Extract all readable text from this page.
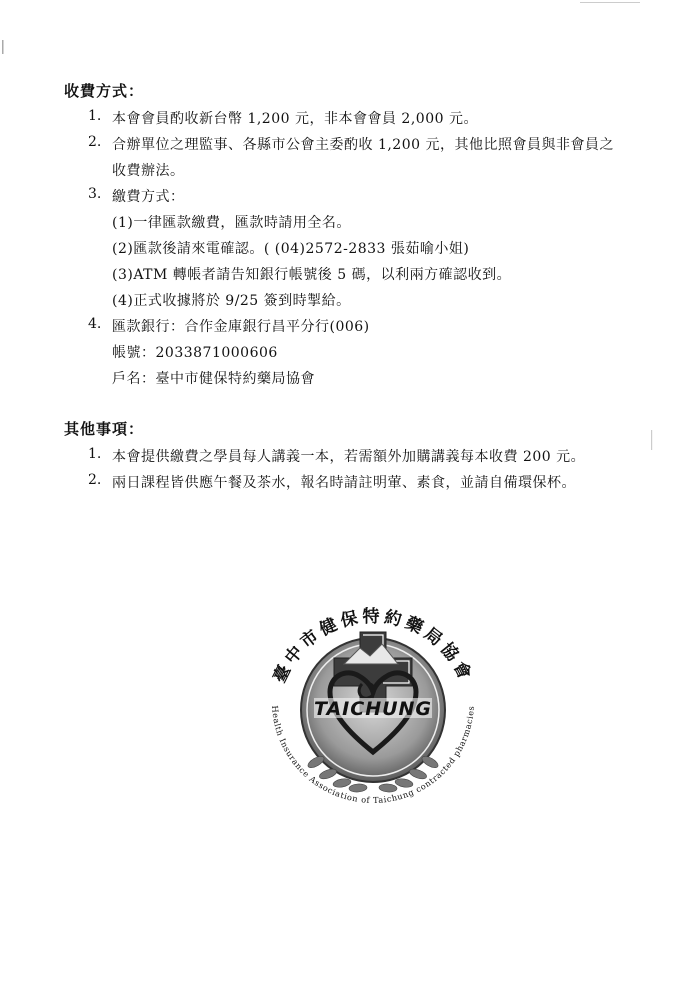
收費方式：
1. 本會會員酌收新台幣 1,200 元，非本會會員 2,000 元。
2. 合辦單位之理監事、各縣市公會主委酌收 1,200 元，其他比照會員與非會員之
收費辦法。
3. 繳費方式：
(1)一律匯款繳費，匯款時請用全名。
(2)匯款後請來電確認。( (04)2572-2833 張茹喻小姐)
(3)ATM 轉帳者請告知銀行帳號後 5 碼，以利兩方確認收到。
(4)正式收據將於 9/25 簽到時掣給。
4. 匯款銀行：合作金庫銀行昌平分行(006)
帳號：2033871000606
戶名：臺中市健保特約藥局協會
其他事項：
1. 本會提供繳費之學員每人講義一本，若需額外加購講義每本收費 200 元。
2. 兩日課程皆供應午餐及茶水，報名時請註明葷、素食，並請自備環保杯。
TAICHUNG
臺中市健保特約藥局協會
Health Insurance Association of Taichung contracted pharmacies
